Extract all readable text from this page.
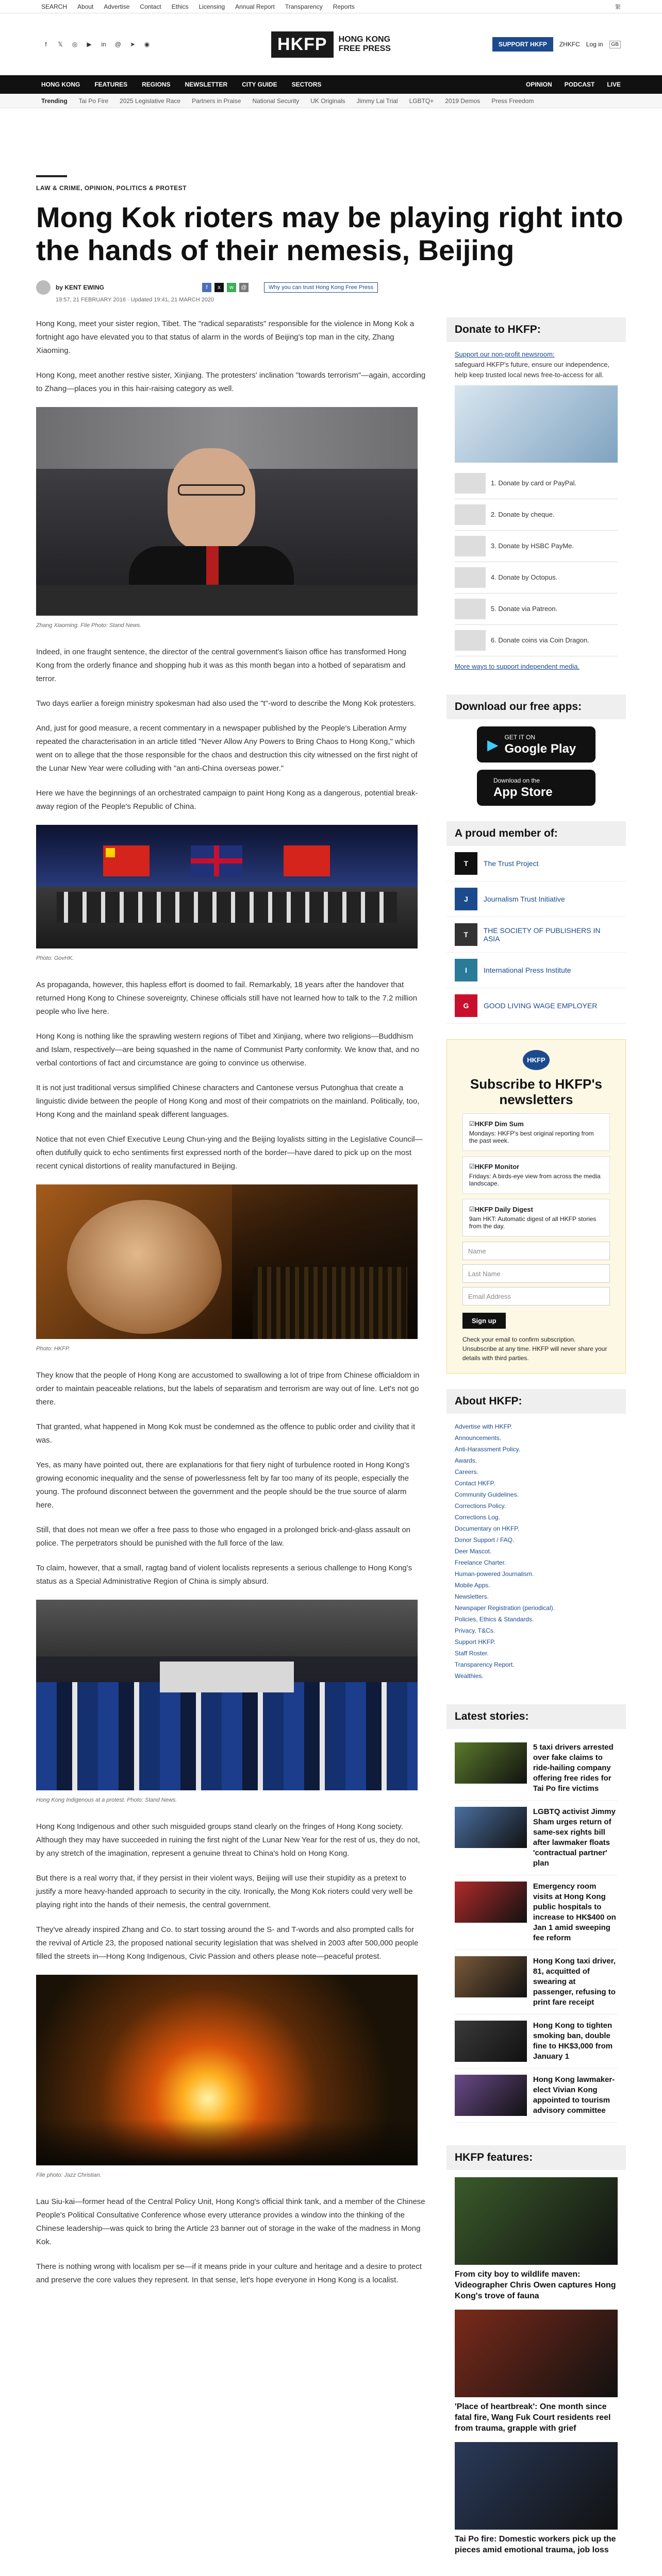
SEARCH About Advertise Contact Ethics Licensing Annual Report Transparency Reports	繁
f	𝕏	◎	▶	in	@	➤	◉	HKFP	HONG KONG
FREE PRESS	SUPPORT HKFP	ZHKFC Log in	GB
HONG KONG FEATURES REGIONS NEWSLETTER CITY GUIDE SECTORS	OPINION PODCAST LIVE
Trending Tai Po Fire 2025 Legislative Race Partners in Praise National Security UK Originals Jimmy Lai Trial LGBTQ+ 2019 Demos Press Freedom
LAW & CRIME, OPINION, POLITICS & PROTEST
Mong Kok rioters may be playing right into the hands of their nemesis, Beijing
by KENT EWING	f	x	w	@	Why you can trust Hong Kong Free Press
19:57, 21 FEBRUARY 2016 · Updated 19:41, 21 MARCH 2020

Hong Kong, meet your sister region, Tibet. The "radical separatists" responsible for the violence in Mong Kok a fortnight ago have elevated you to that status of alarm in the words of Beijing's top man in the city, Zhang Xiaoming.

Hong Kong, meet another restive sister, Xinjiang. The protesters' inclination "towards terrorism"—again, according to Zhang—places you in this hair-raising category as well.

Zhang Xiaoming. File Photo: Stand News.

Indeed, in one fraught sentence, the director of the central government's liaison office has transformed Hong Kong from the orderly finance and shopping hub it was as this month began into a hotbed of separatism and terror.

Two days earlier a foreign ministry spokesman had also used the "t"-word to describe the Mong Kok protesters.

And, just for good measure, a recent commentary in a newspaper published by the People's Liberation Army repeated the characterisation in an article titled "Never Allow Any Powers to Bring Chaos to Hong Kong," which went on to allege that the those responsible for the chaos and destruction this city witnessed on the first night of the Lunar New Year were colluding with "an anti-China overseas power."

Here we have the beginnings of an orchestrated campaign to paint Hong Kong as a dangerous, potential break-away region of the People's Republic of China.

Photo: GovHK.

As propaganda, however, this hapless effort is doomed to fail. Remarkably, 18 years after the handover that returned Hong Kong to Chinese sovereignty, Chinese officials still have not learned how to talk to the 7.2 million people who live here.

Hong Kong is nothing like the sprawling western regions of Tibet and Xinjiang, where two religions—Buddhism and Islam, respectively—are being squashed in the name of Communist Party conformity. We know that, and no verbal contortions of fact and circumstance are going to convince us otherwise.

It is not just traditional versus simplified Chinese characters and Cantonese versus Putonghua that create a linguistic divide between the people of Hong Kong and most of their compatriots on the mainland. Politically, too, Hong Kong and the mainland speak different languages.

Notice that not even Chief Executive Leung Chun-ying and the Beijing loyalists sitting in the Legislative Council—often dutifully quick to echo sentiments first expressed north of the border—have dared to pick up on the most recent cynical distortions of reality manufactured in Beijing.

Photo: HKFP.

They know that the people of Hong Kong are accustomed to swallowing a lot of tripe from Chinese officialdom in order to maintain peaceable relations, but the labels of separatism and terrorism are way out of line. Let's not go there.

That granted, what happened in Mong Kok must be condemned as the offence to public order and civility that it was.

Yes, as many have pointed out, there are explanations for that fiery night of turbulence rooted in Hong Kong's growing economic inequality and the sense of powerlessness felt by far too many of its people, especially the young. The profound disconnect between the government and the people should be the true source of alarm here.

Still, that does not mean we offer a free pass to those who engaged in a prolonged brick-and-glass assault on police. The perpetrators should be punished with the full force of the law.

To claim, however, that a small, ragtag band of violent localists represents a serious challenge to Hong Kong's status as a Special Administrative Region of China is simply absurd.

Hong Kong Indigenous at a protest. Photo: Stand News.

Hong Kong Indigenous and other such misguided groups stand clearly on the fringes of Hong Kong society. Although they may have succeeded in ruining the first night of the Lunar New Year for the rest of us, they do not, by any stretch of the imagination, represent a genuine threat to China's hold on Hong Kong.

But there is a real worry that, if they persist in their violent ways, Beijing will use their stupidity as a pretext to justify a more heavy-handed approach to security in the city. Ironically, the Mong Kok rioters could very well be playing right into the hands of their nemesis, the central government.

They've already inspired Zhang and Co. to start tossing around the S- and T-words and also prompted calls for the revival of Article 23, the proposed national security legislation that was shelved in 2003 after 500,000 people filled the streets in—Hong Kong Indigenous, Civic Passion and others please note—peaceful protest.

File photo: Jazz Christian.

Lau Siu-kai—former head of the Central Policy Unit, Hong Kong's official think tank, and a member of the Chinese People's Political Consultative Conference whose every utterance provides a window into the thinking of the Chinese leadership—was quick to bring the Article 23 banner out of storage in the wake of the madness in Mong Kok.

There is nothing wrong with localism per se—if it means pride in your culture and heritage and a desire to protect and preserve the core values they represent. In that sense, let's hope everyone in Hong Kong is a localist.

Donate to HKFP:
Support our non-profit newsroom:
safeguard HKFP's future, ensure our independence, help keep trusted local news free-to-access for all.
1. Donate by card or PayPal.
2. Donate by cheque.
3. Donate by HSBC PayMe.
4. Donate by Octopus.
5. Donate via Patreon.
6. Donate coins via Coin Dragon.
More ways to support independent media.
Download our free apps:
▶ GET IT ON
Google Play
Download on the
App Store
A proud member of:
T	The Trust Project
J	Journalism Trust Initiative
T	THE SOCIETY OF PUBLISHERS IN ASIA
I	International Press Institute
G	GOOD LIVING WAGE EMPLOYER
HKFP
Subscribe to HKFP's newsletters
☑ HKFP Dim Sum
Mondays: HKFP's best original reporting from the past week.
☑ HKFP Monitor
Fridays: A birds-eye view from across the media landscape.
☑ HKFP Daily Digest
9am HKT: Automatic digest of all HKFP stories from the day.
Name
Last Name
Email Address
Sign up
Check your email to confirm subscription. Unsubscribe at any time. HKFP will never share your details with third parties.
About HKFP:
Advertise with HKFP.
Announcements.
Anti-Harassment Policy.
Awards.
Careers.
Contact HKFP.
Community Guidelines.
Corrections Policy.
Corrections Log.
Documentary on HKFP.
Donor Support / FAQ.
Deer Mascot.
Freelance Charter.
Human-powered Journalism.
Mobile Apps.
Newsletters.
Newspaper Registration (periodical).
Policies, Ethics & Standards.
Privacy, T&Cs.
Support HKFP.
Staff Roster.
Transparency Report.
Wealthies.
Latest stories:
5 taxi drivers arrested over fake claims to ride-hailing company offering free rides for Tai Po fire victims
LGBTQ activist Jimmy Sham urges return of same-sex rights bill after lawmaker floats 'contractual partner' plan
Emergency room visits at Hong Kong public hospitals to increase to HK$400 on Jan 1 amid sweeping fee reform
Hong Kong taxi driver, 81, acquitted of swearing at passenger, refusing to print fare receipt
Hong Kong to tighten smoking ban, double fine to HK$3,000 from January 1
Hong Kong lawmaker-elect Vivian Kong appointed to tourism advisory committee
HKFP features:
From city boy to wildlife maven: Videographer Chris Owen captures Hong Kong's trove of fauna
'Place of heartbreak': One month since fatal fire, Wang Fuk Court residents reel from trauma, grapple with grief
Tai Po fire: Domestic workers pick up the pieces amid emotional trauma, job loss
